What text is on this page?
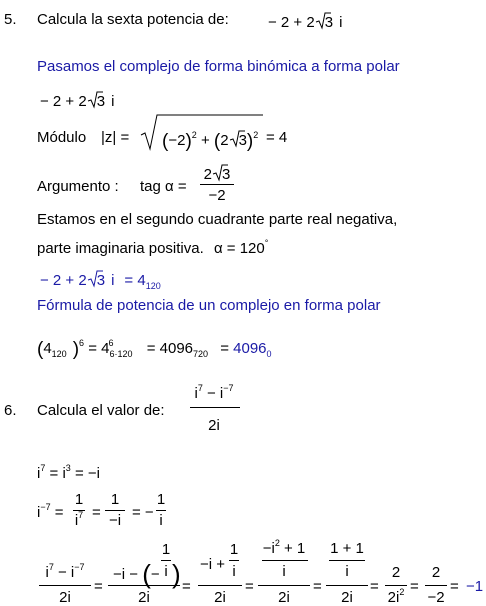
5. Calcula la sexta potencia de:	− 2 + 2 3 i
Pasamos el complejo de forma binómica a forma polar
− 2 + 2 3 i
Módulo $|z| = (-2)^2 + (2$ 3)$^2$ = 4
Argumento : tag α =
2 3
−2
Estamos en el segundo cuadrante parte real negativa,
parte imaginaria positiva. α = 120°
− 2 + 2 3 $i = 4_{120}$
Fórmula de potencia de un complejo en forma polar
($4_{120}$ )$^6 = 4^6_{6\cdot 120} = 4096_{720} = 4096_0$
6. Calcula el valor de:
$i^7 - i^{-7}$
2i
$i^7 = i^3 = -i$
$i^{-7}$ =
1
$i^7$ =
1
−i = −
1
i
$i^7 - i^{-7}$
2i
=
−i − (−
1
i )
2i
=
−i +
1
i
2i
=
$-i^2 + 1$
i
2i
=
1 + 1
i
2i
=
2
$2i^2$ =
2
−2
= −1
